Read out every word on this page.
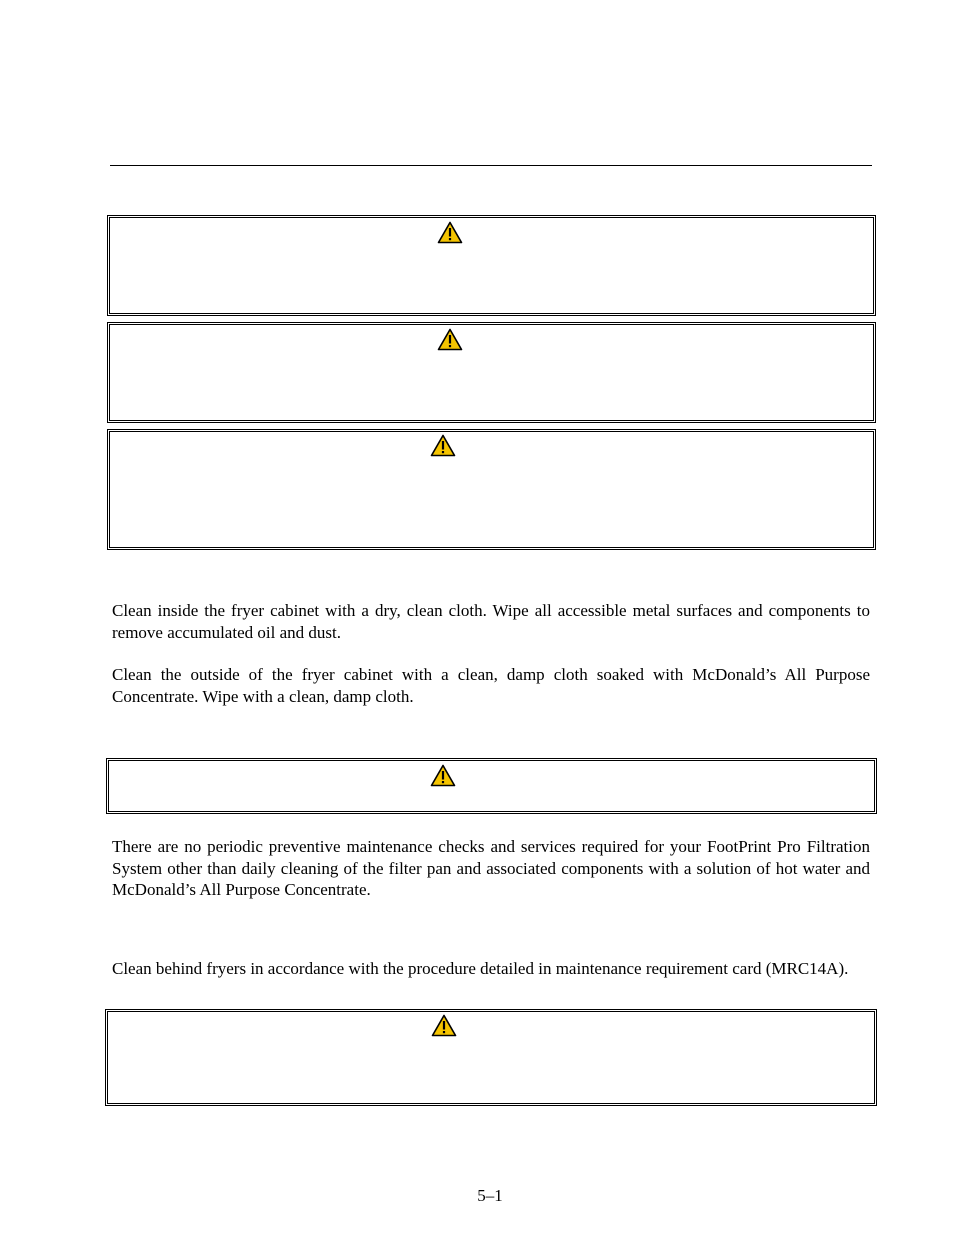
Clean inside the fryer cabinet with a dry, clean cloth. Wipe all accessible metal surfaces and components to remove accumulated oil and dust.

Clean the outside of the fryer cabinet with a clean, damp cloth soaked with McDonald’s All Purpose Concentrate. Wipe with a clean, damp cloth.

There are no periodic preventive maintenance checks and services required for your FootPrint Pro Filtration System other than daily cleaning of the filter pan and associated components with a solution of hot water and McDonald’s All Purpose Concentrate.

Clean behind fryers in accordance with the procedure detailed in maintenance requirement card (MRC14A).

5–1
